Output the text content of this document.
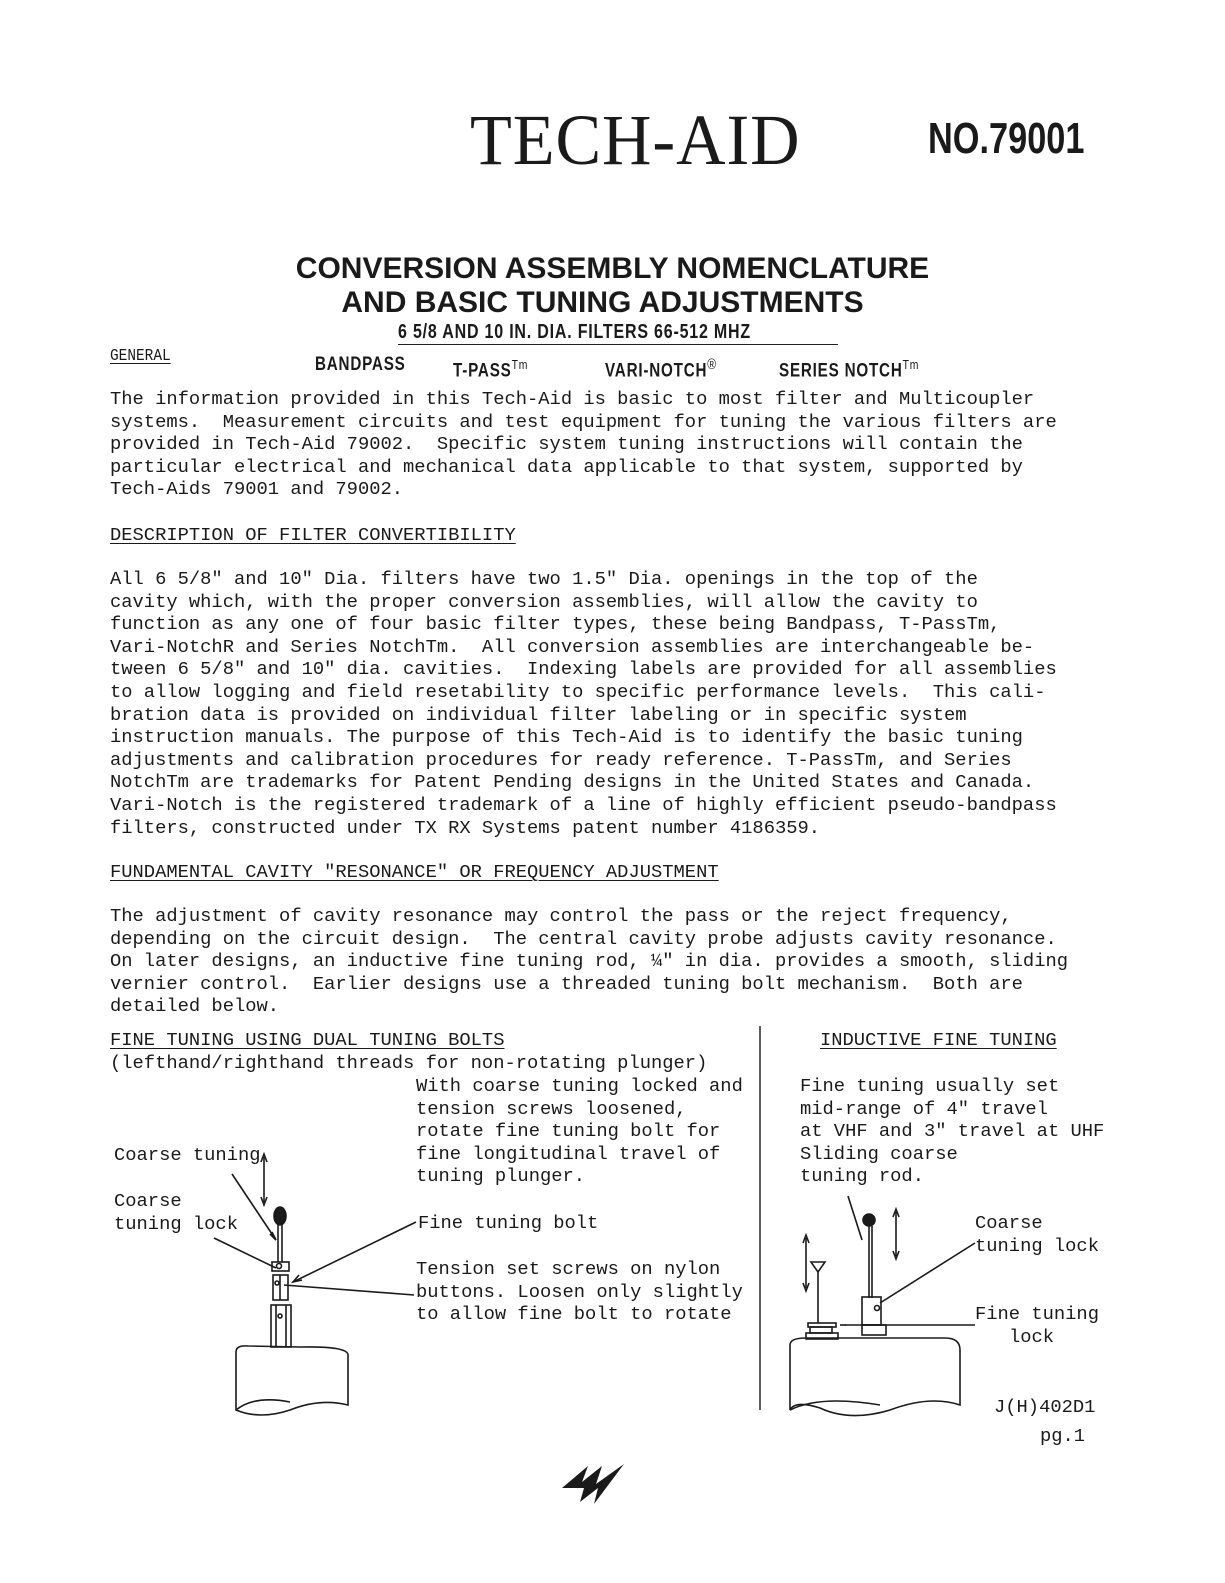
TECH-AID	NO.79001
CONVERSION ASSEMBLY NOMENCLATURE
AND BASIC TUNING ADJUSTMENTS
6 5/8 AND 10 IN. DIA. FILTERS 66-512 MHZ
BANDPASS $T-PASS^{Tm}$	VARI-NOTCH®	SERIES $NOTCH^{Tm}$
GENERAL
The information provided in this Tech-Aid is basic to most filter and Multicoupler
systems.  Measurement circuits and test equipment for tuning the various filters are
provided in Tech-Aid 79002.  Specific system tuning instructions will contain the
particular electrical and mechanical data applicable to that system, supported by
Tech-Aids 79001 and 79002.
DESCRIPTION OF FILTER CONVERTIBILITY
All 6 5/8" and 10" Dia. filters have two 1.5" Dia. openings in the top of the
cavity which, with the proper conversion assemblies, will allow the cavity to
function as any one of four basic filter types, these being Bandpass, T-PassTm,
Vari-NotchR and Series NotchTm.  All conversion assemblies are interchangeable be-
tween 6 5/8" and 10" dia. cavities.  Indexing labels are provided for all assemblies
to allow logging and field resetability to specific performance levels.  This cali-
bration data is provided on individual filter labeling or in specific system
instruction manuals. The purpose of this Tech-Aid is to identify the basic tuning
adjustments and calibration procedures for ready reference. T-PassTm, and Series
NotchTm are trademarks for Patent Pending designs in the United States and Canada.
Vari-Notch is the registered trademark of a line of highly efficient pseudo-bandpass
filters, constructed under TX RX Systems patent number 4186359.
FUNDAMENTAL CAVITY "RESONANCE" OR FREQUENCY ADJUSTMENT
The adjustment of cavity resonance may control the pass or the reject frequency,
depending on the circuit design.  The central cavity probe adjusts cavity resonance.
On later designs, an inductive fine tuning rod, ¼" in dia. provides a smooth, sliding
vernier control.  Earlier designs use a threaded tuning bolt mechanism.  Both are
detailed below.
FINE TUNING USING DUAL TUNING BOLTS
(lefthand/righthand threads for non-rotating plunger)
With coarse tuning locked and
tension screws loosened,
rotate fine tuning bolt for
fine longitudinal travel of
tuning plunger.
Coarse tuning
Coarse
tuning lock	Fine tuning bolt
Tension set screws on nylon
buttons. Loosen only slightly
to allow fine bolt to rotate
INDUCTIVE FINE TUNING
Fine tuning usually set
mid-range of 4" travel
at VHF and 3" travel at UHF
Sliding coarse
tuning rod.
Coarse
tuning lock
Fine tuning
lock
J(H)402D1
pg.1
